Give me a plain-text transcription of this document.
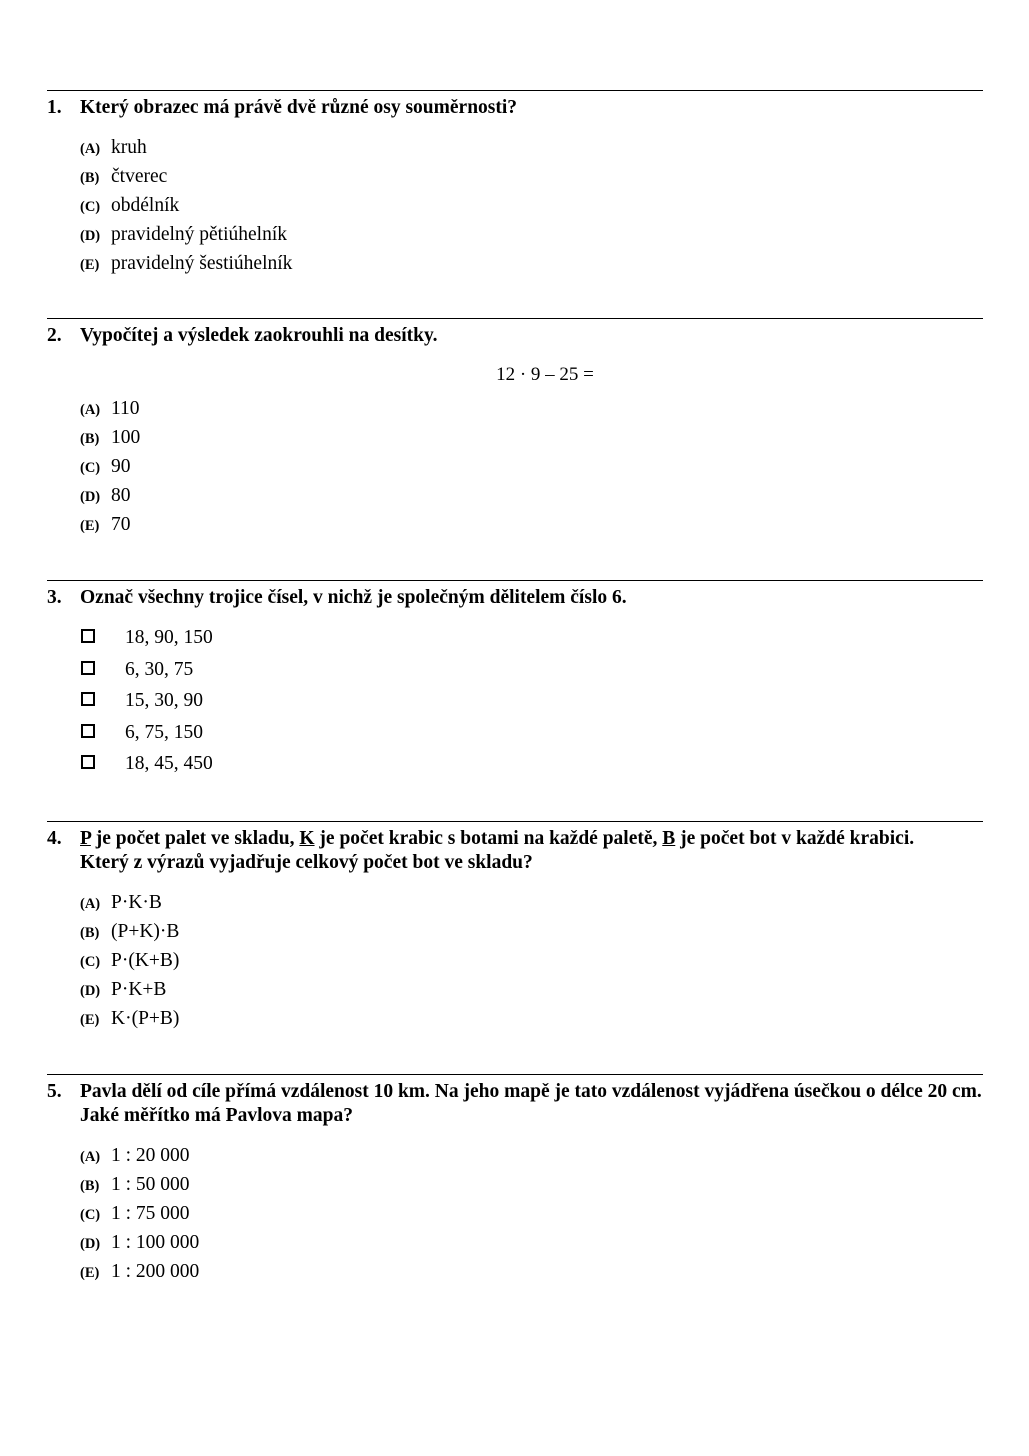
1. Který obrazec má právě dvě různé osy souměrnosti?
(A) kruh
(B) čtverec
(C) obdélník
(D) pravidelný pětiúhelník
(E) pravidelný šestiúhelník
2. Vypočítej a výsledek zaokrouhli na desítky.
12 · 9 – 25 =
(A) 110
(B) 100
(C) 90
(D) 80
(E) 70
3. Označ všechny trojice čísel, v nichž je společným dělitelem číslo 6.
18, 90, 150
6, 30, 75
15, 30, 90
6, 75, 150
18, 45, 450
4. P je počet palet ve skladu, K je počet krabic s botami na každé paletě, B je počet bot v každé krabici.
Který z výrazů vyjadřuje celkový počet bot ve skladu?
(A) P·K·B
(B) (P+K)·B
(C) P·(K+B)
(D) P·K+B
(E) K·(P+B)
5. Pavla dělí od cíle přímá vzdálenost 10 km. Na jeho mapě je tato vzdálenost vyjádřena úsečkou o délce 20 cm. Jaké měřítko má Pavlova mapa?
(A) 1 : 20 000
(B) 1 : 50 000
(C) 1 : 75 000
(D) 1 : 100 000
(E) 1 : 200 000
